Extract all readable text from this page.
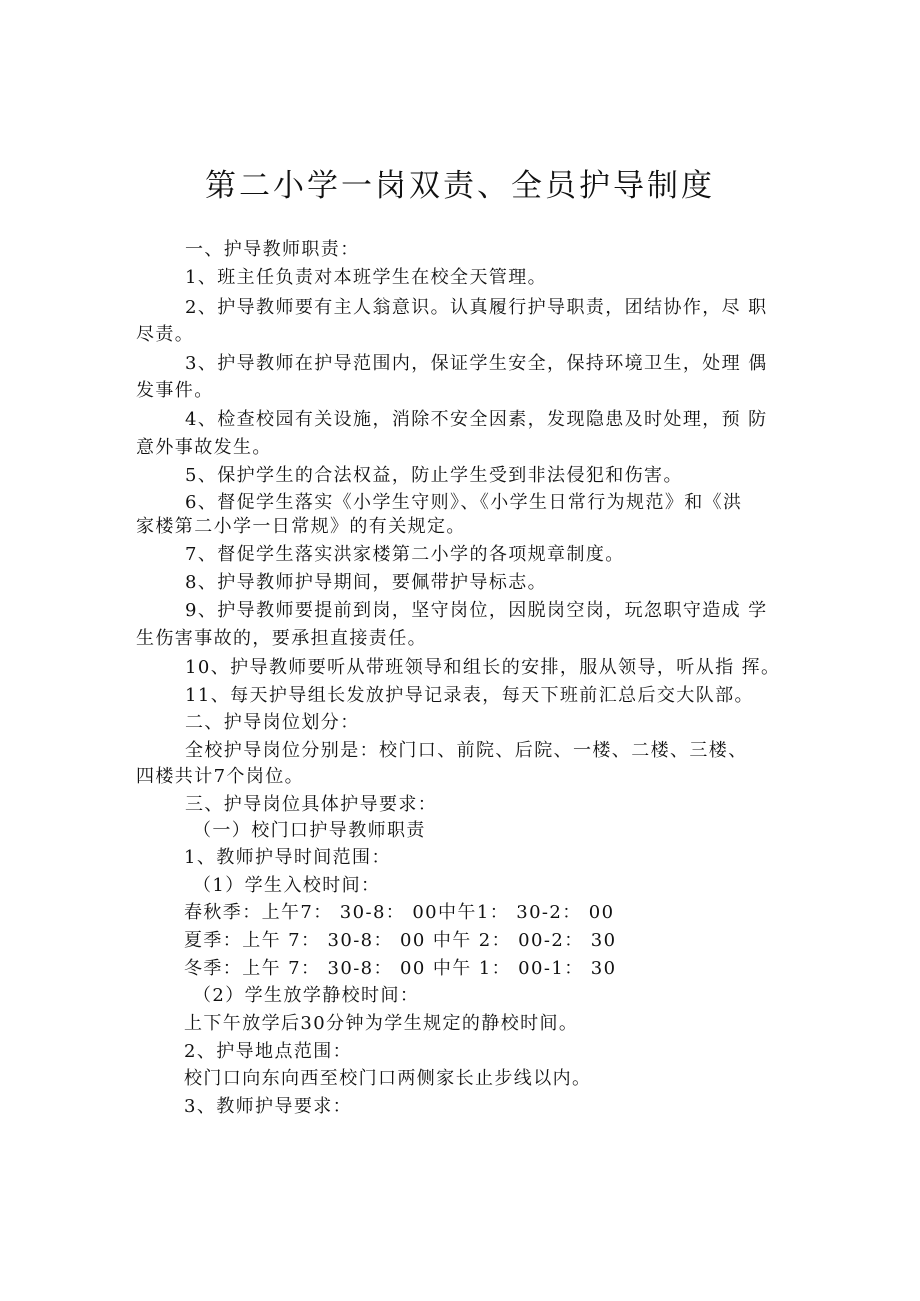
第二小学一岗双责、全员护导制度
一、护导教师职责：
1、班主任负责对本班学生在校全天管理。
2、护导教师要有主人翁意识。认真履行护导职责，团结协作，尽 职
尽责。
3、护导教师在护导范围内，保证学生安全，保持环境卫生，处理 偶
发事件。
4、检查校园有关设施，消除不安全因素，发现隐患及时处理，预 防
意外事故发生。
5、保护学生的合法权益，防止学生受到非法侵犯和伤害。
6、督促学生落实《小学生守则》、《小学生日常行为规范》和《洪
家楼第二小学一日常规》的有关规定。
7、督促学生落实洪家楼第二小学的各项规章制度。
8、护导教师护导期间，要佩带护导标志。
9、护导教师要提前到岗，坚守岗位，因脱岗空岗，玩忽职守造成 学
生伤害事故的，要承担直接责任。
10、护导教师要听从带班领导和组长的安排，服从领导，听从指 挥。
11、每天护导组长发放护导记录表，每天下班前汇总后交大队部。
二、护导岗位划分：
全校护导岗位分别是：校门口、前院、后院、一楼、二楼、三楼、
四楼共计7个岗位。
三、护导岗位具体护导要求：
（一）校门口护导教师职责
1、教师护导时间范围：
（1）学生入校时间：
春秋季：上午7： 30-8： 00中午1： 30-2： 00
夏季：上午 7： 30-8： 00 中午 2： 00-2： 30
冬季：上午 7： 30-8： 00 中午 1： 00-1： 30
（2）学生放学静校时间：
上下午放学后30分钟为学生规定的静校时间。
2、护导地点范围：
校门口向东向西至校门口两侧家长止步线以内。
3、教师护导要求：
